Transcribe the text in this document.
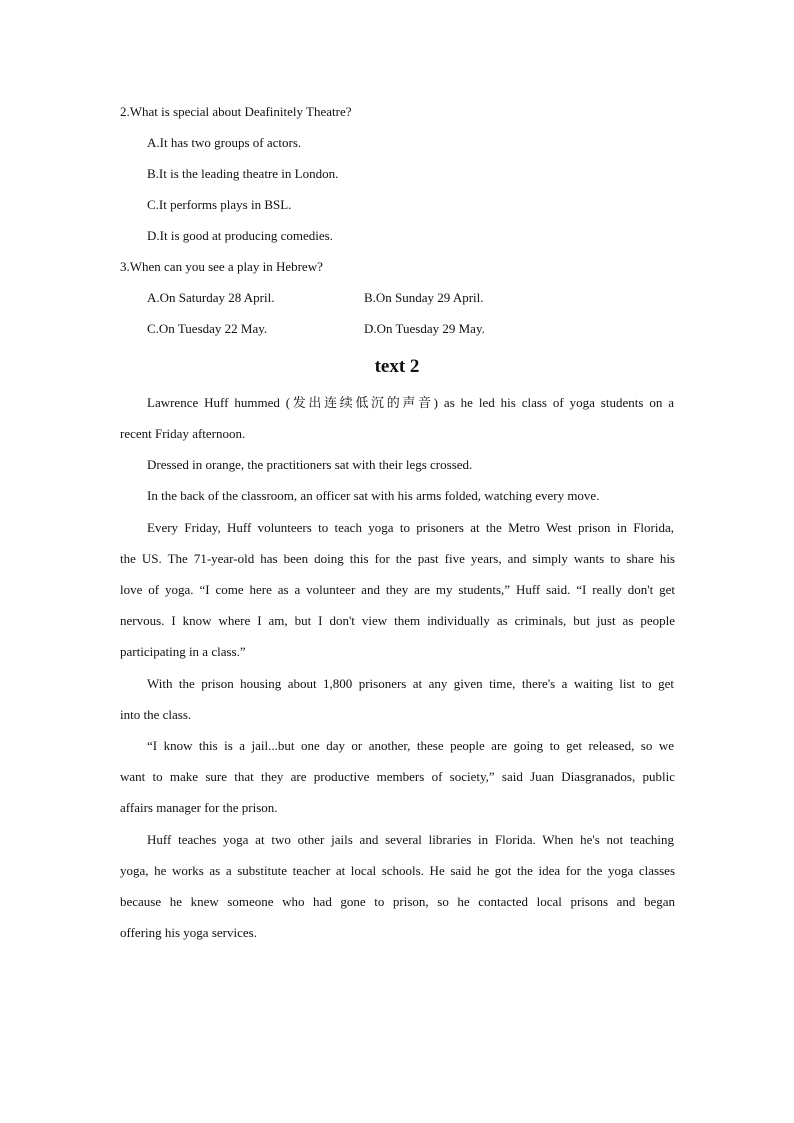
2.What is special about Deafinitely Theatre?
A.It has two groups of actors.
B.It is the leading theatre in London.
C.It performs plays in BSL.
D.It is good at producing comedies.
3.When can you see a play in Hebrew?
A.On Saturday 28 April.	B.On Sunday 29 April.
C.On Tuesday 22 May.	D.On Tuesday 29 May.
text 2
Lawrence Huff hummed (发出连续低沉的声音) as he led his class of yoga students on a
recent Friday afternoon.
Dressed in orange, the practitioners sat with their legs crossed.
In the back of the classroom, an officer sat with his arms folded, watching every move.
Every Friday, Huff volunteers to teach yoga to prisoners at the Metro West prison in Florida,
the US. The 71-year-old has been doing this for the past five years, and simply wants to share his
love of yoga. “I come here as a volunteer and they are my students,” Huff said. “I really don't get
nervous. I know where I am, but I don't view them individually as criminals, but just as people
participating in a class.”
With the prison housing about 1,800 prisoners at any given time, there's a waiting list to get
into the class.
“I know this is a jail...but one day or another, these people are going to get released, so we
want to make sure that they are productive members of society,” said Juan Diasgranados, public
affairs manager for the prison.
Huff teaches yoga at two other jails and several libraries in Florida. When he's not teaching
yoga, he works as a substitute teacher at local schools. He said he got the idea for the yoga classes
because he knew someone who had gone to prison, so he contacted local prisons and began
offering his yoga services.
